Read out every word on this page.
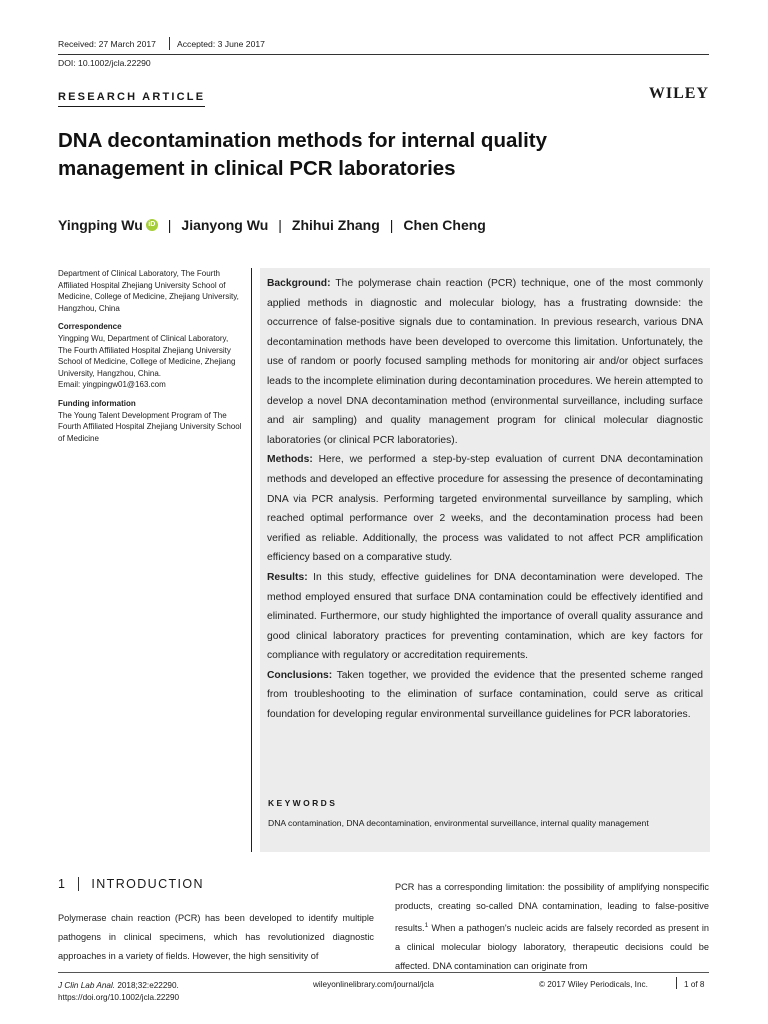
Received: 27 March 2017 Accepted: 3 June 2017
DOI: 10.1002/jcla.22290
RESEARCH ARTICLE	WILEY
DNA decontamination methods for internal quality management in clinical PCR laboratories
Yingping Wu iD | Jianyong Wu | Zhihui Zhang | Chen Cheng
Department of Clinical Laboratory, The Fourth Affiliated Hospital Zhejiang University School of Medicine, College of Medicine, Zhejiang University, Hangzhou, China
Correspondence
Yingping Wu, Department of Clinical Laboratory, The Fourth Affiliated Hospital Zhejiang University School of Medicine, College of Medicine, Zhejiang University, Hangzhou, China.
Email: yingpingw01@163.com
Funding information
The Young Talent Development Program of The Fourth Affiliated Hospital Zhejiang University School of Medicine

Background: The polymerase chain reaction (PCR) technique, one of the most commonly applied methods in diagnostic and molecular biology, has a frustrating downside: the occurrence of false-positive signals due to contamination. In previous research, various DNA decontamination methods have been developed to overcome this limitation. Unfortunately, the use of random or poorly focused sampling methods for monitoring air and/or object surfaces leads to the incomplete elimination during decontamination procedures. We herein attempted to develop a novel DNA decontamination method (environmental surveillance, including surface and air sampling) and quality management program for clinical molecular diagnostic laboratories (or clinical PCR laboratories).

Methods: Here, we performed a step-by-step evaluation of current DNA decontamination methods and developed an effective procedure for assessing the presence of decontaminating DNA via PCR analysis. Performing targeted environmental surveillance by sampling, which reached optimal performance over 2 weeks, and the decontamination process had been verified as reliable. Additionally, the process was validated to not affect PCR amplification efficiency based on a comparative study.

Results: In this study, effective guidelines for DNA decontamination were developed. The method employed ensured that surface DNA contamination could be effectively identified and eliminated. Furthermore, our study highlighted the importance of overall quality assurance and good clinical laboratory practices for preventing contamination, which are key factors for compliance with regulatory or accreditation requirements.

Conclusions: Taken together, we provided the evidence that the presented scheme ranged from troubleshooting to the elimination of surface contamination, could serve as critical foundation for developing regular environmental surveillance guidelines for PCR laboratories.

KEYWORDS
DNA contamination, DNA decontamination, environmental surveillance, internal quality management
1 INTRODUCTION

Polymerase chain reaction (PCR) has been developed to identify multiple pathogens in clinical specimens, which has revolutionized diagnostic approaches in a variety of fields. However, the high sensitivity of

PCR has a corresponding limitation: the possibility of amplifying nonspecific products, creating so-called DNA contamination, leading to false-positive results.$^1$ When a pathogen's nucleic acids are falsely recorded as present in a clinical molecular biology laboratory, therapeutic decisions could be affected. DNA contamination can originate from

J Clin Lab Anal. 2018;32:e22290.
https://doi.org/10.1002/jcla.22290
wileyonlinelibrary.com/journal/jcla	© 2017 Wiley Periodicals, Inc.	1 of 8
